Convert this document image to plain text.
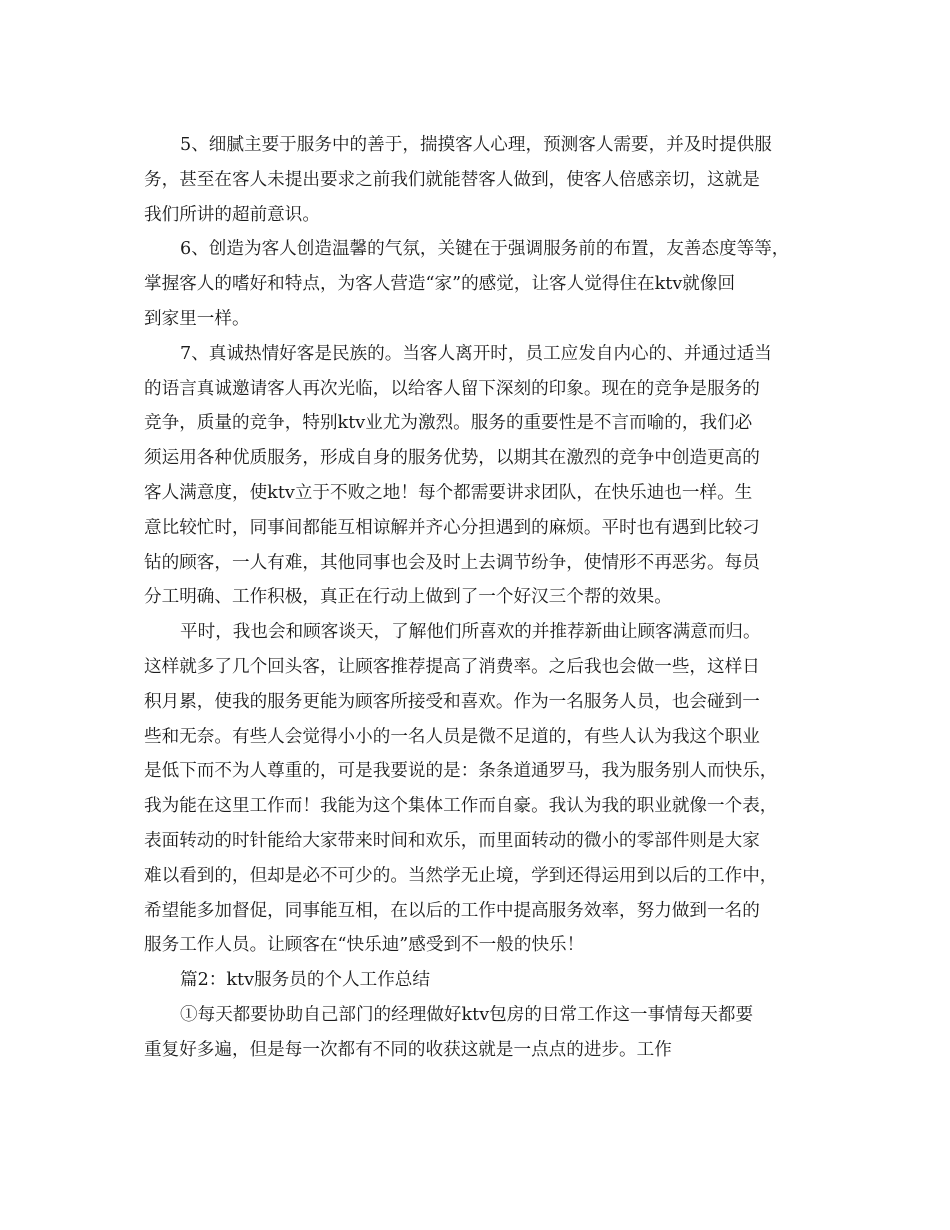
5、细腻主要于服务中的善于，揣摸客人心理，预测客人需要，并及时提供服
务，甚至在客人未提出要求之前我们就能替客人做到，使客人倍感亲切，这就是
我们所讲的超前意识。
6、创造为客人创造温馨的气氛，关键在于强调服务前的布置，友善态度等等，
掌握客人的嗜好和特点，为客人营造“家”的感觉，让客人觉得住在ktv就像回
到家里一样。
7、真诚热情好客是民族的。当客人离开时，员工应发自内心的、并通过适当
的语言真诚邀请客人再次光临，以给客人留下深刻的印象。现在的竞争是服务的
竞争，质量的竞争，特别ktv业尤为激烈。服务的重要性是不言而喻的，我们必
须运用各种优质服务，形成自身的服务优势，以期其在激烈的竞争中创造更高的
客人满意度，使ktv立于不败之地！每个都需要讲求团队，在快乐迪也一样。生
意比较忙时，同事间都能互相谅解并齐心分担遇到的麻烦。平时也有遇到比较刁
钻的顾客，一人有难，其他同事也会及时上去调节纷争，使情形不再恶劣。每员
分工明确、工作积极，真正在行动上做到了一个好汉三个帮的效果。
平时，我也会和顾客谈天，了解他们所喜欢的并推荐新曲让顾客满意而归。
这样就多了几个回头客，让顾客推荐提高了消费率。之后我也会做一些，这样日
积月累，使我的服务更能为顾客所接受和喜欢。作为一名服务人员，也会碰到一
些和无奈。有些人会觉得小小的一名人员是微不足道的，有些人认为我这个职业
是低下而不为人尊重的，可是我要说的是：条条道通罗马，我为服务别人而快乐，
我为能在这里工作而！我能为这个集体工作而自豪。我认为我的职业就像一个表，
表面转动的时针能给大家带来时间和欢乐，而里面转动的微小的零部件则是大家
难以看到的，但却是必不可少的。当然学无止境，学到还得运用到以后的工作中，
希望能多加督促，同事能互相，在以后的工作中提高服务效率，努力做到一名的
服务工作人员。让顾客在“快乐迪”感受到不一般的快乐！
篇2：ktv服务员的个人工作总结
①每天都要协助自己部门的经理做好ktv包房的日常工作这一事情每天都要
重复好多遍，但是每一次都有不同的收获这就是一点点的进步。工作
